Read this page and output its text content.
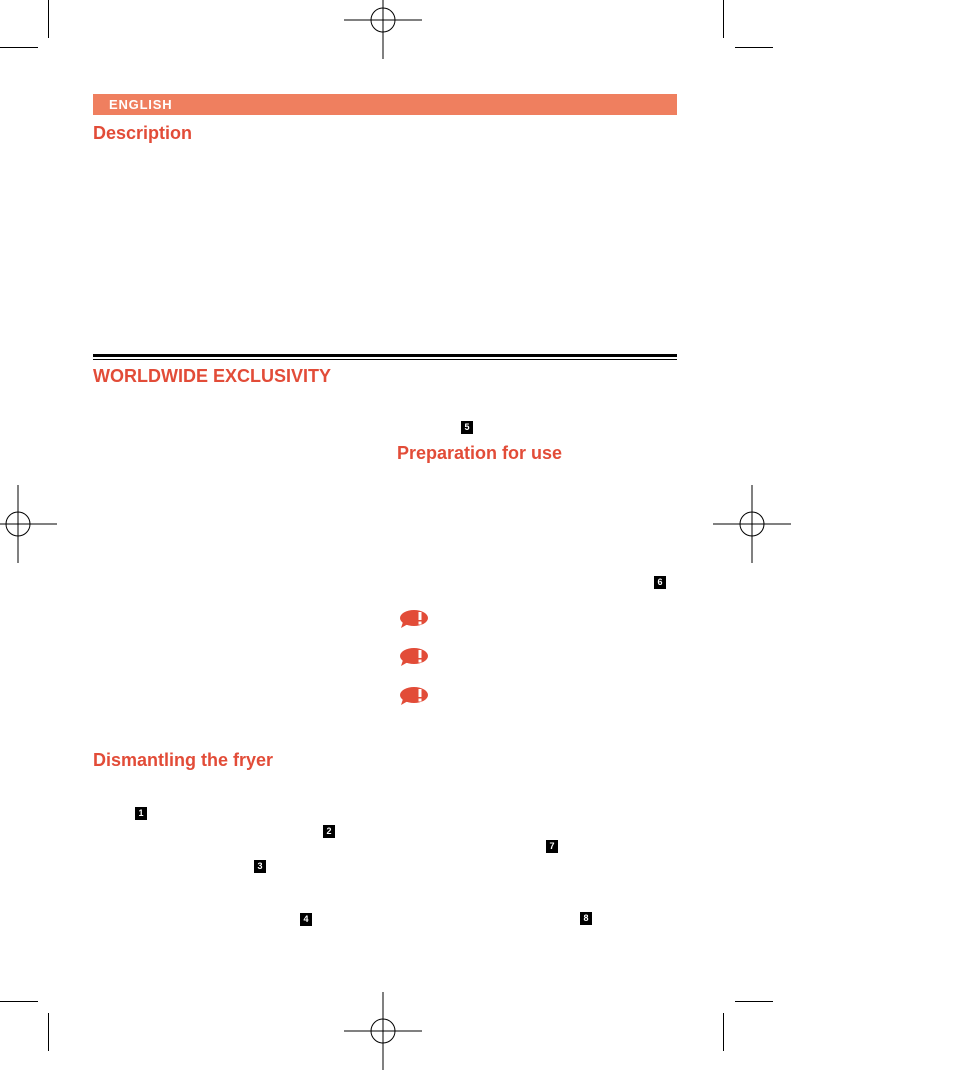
ENGLISH
Description
WORLDWIDE EXCLUSIVITY
Preparation for use
Dismantling the fryer
5
6
1
2
7
3
8
4
